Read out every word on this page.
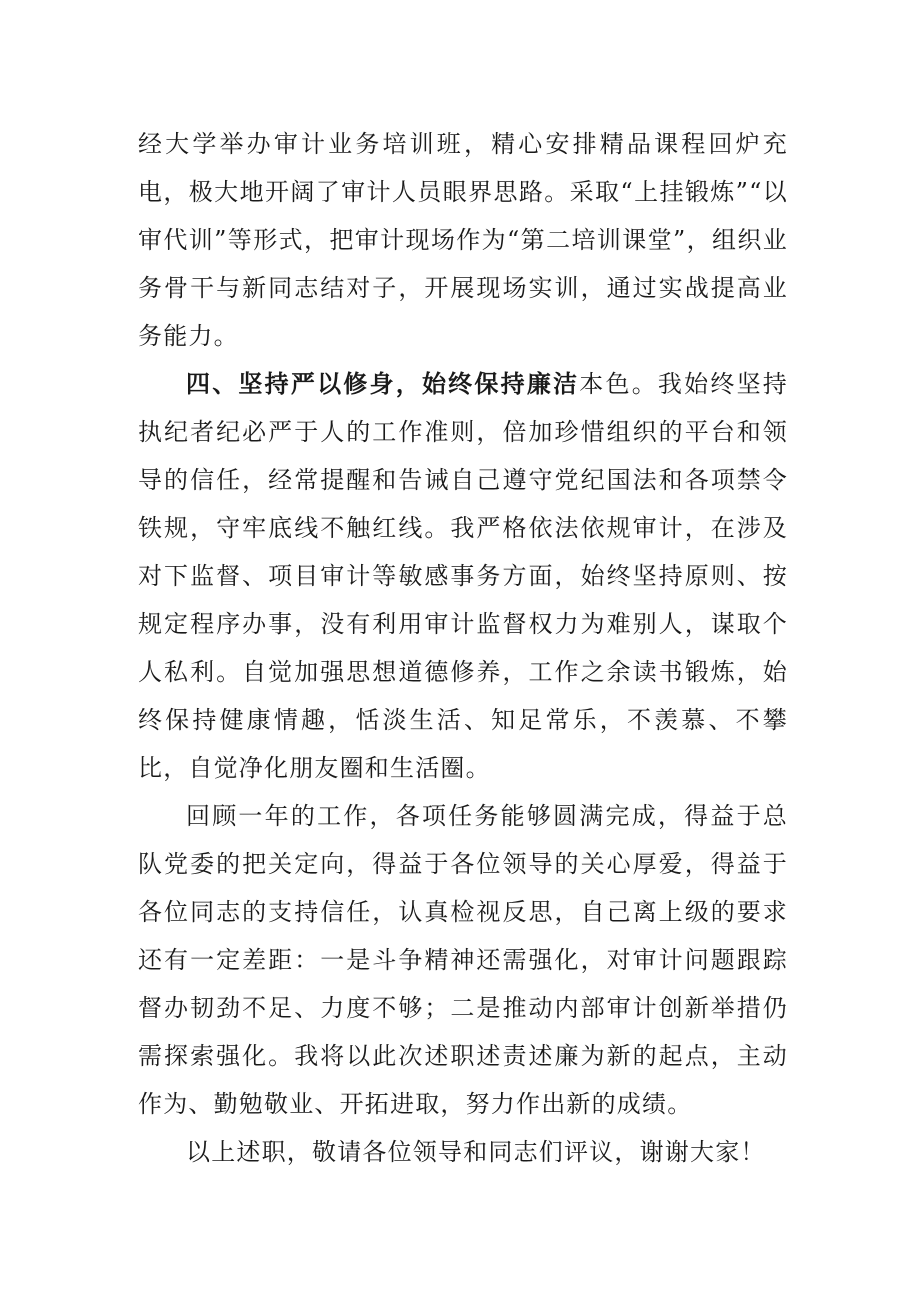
经大学举办审计业务培训班，精心安排精品课程回炉充电，极大地开阔了审计人员眼界思路。采取“上挂锻炼”“以审代训”等形式，把审计现场作为“第二培训课堂”，组织业务骨干与新同志结对子，开展现场实训，通过实战提高业务能力。

四、坚持严以修身，始终保持廉洁本色。我始终坚持执纪者纪必严于人的工作准则，倍加珍惜组织的平台和领导的信任，经常提醒和告诫自己遵守党纪国法和各项禁令铁规，守牢底线不触红线。我严格依法依规审计，在涉及对下监督、项目审计等敏感事务方面，始终坚持原则、按规定程序办事，没有利用审计监督权力为难别人，谋取个人私利。自觉加强思想道德修养，工作之余读书锻炼，始终保持健康情趣，恬淡生活、知足常乐，不羡慕、不攀比，自觉净化朋友圈和生活圈。

回顾一年的工作，各项任务能够圆满完成，得益于总队党委的把关定向，得益于各位领导的关心厚爱，得益于各位同志的支持信任，认真检视反思，自己离上级的要求还有一定差距：一是斗争精神还需强化，对审计问题跟踪督办韧劲不足、力度不够；二是推动内部审计创新举措仍需探索强化。我将以此次述职述责述廉为新的起点，主动作为、勤勉敬业、开拓进取，努力作出新的成绩。

以上述职，敬请各位领导和同志们评议，谢谢大家！
